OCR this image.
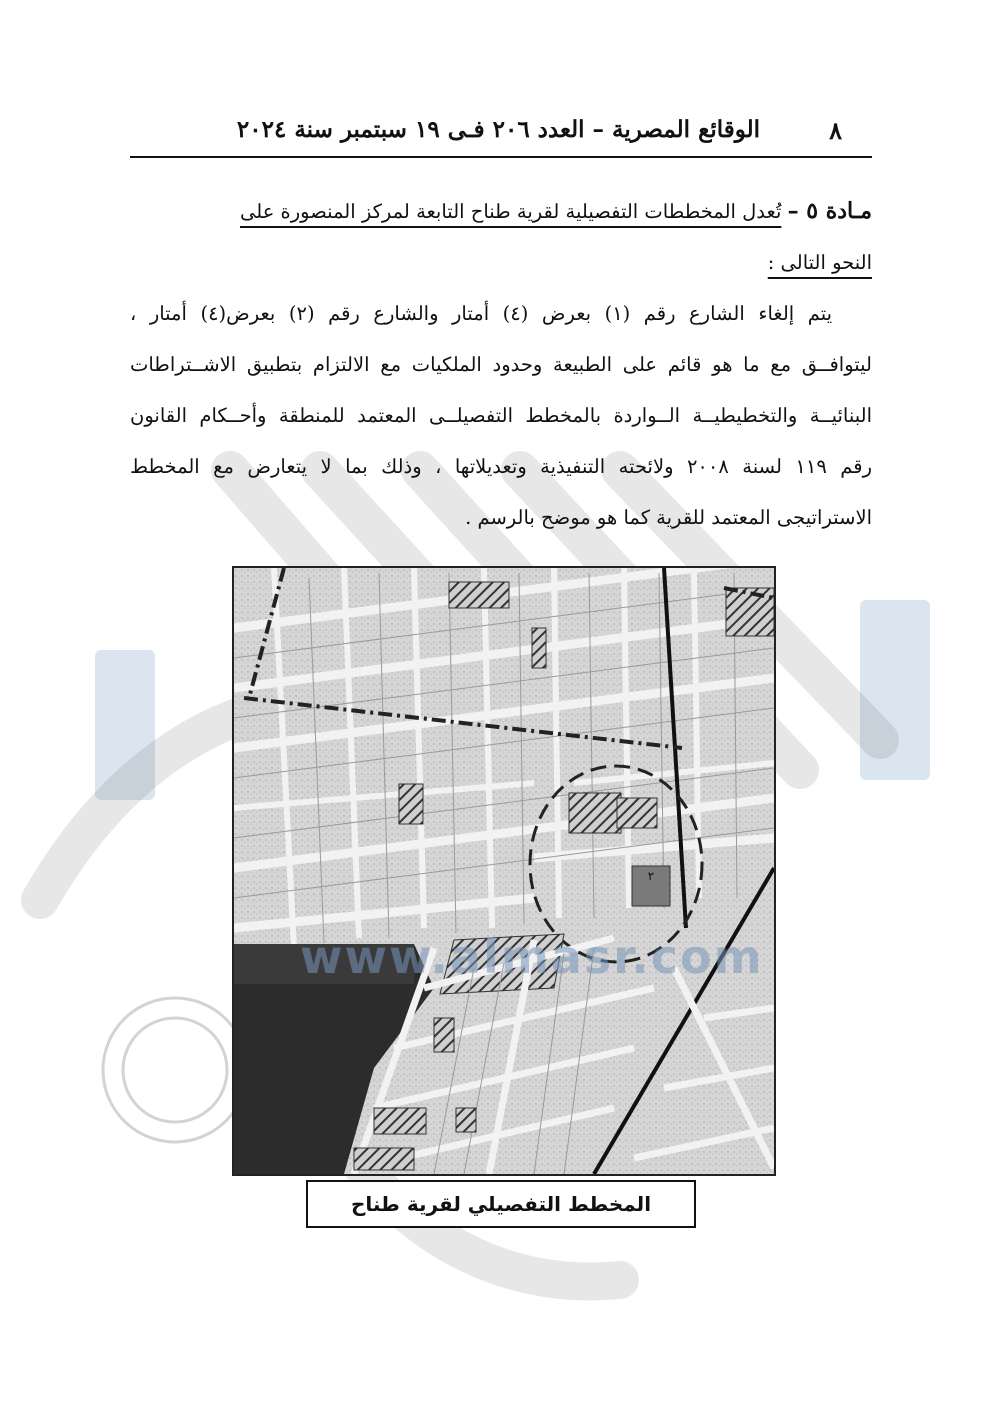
٨
الوقائع المصرية – العدد ٢٠٦ فـى ١٩ سبتمبر سنة ٢٠٢٤
مـادة ٥ – تُعدل المخططات التفصيلية لقرية طناح التابعة لمركز المنصورة على
النحو التالى :

يتم إلغاء الشارع رقم (١) بعرض (٤) أمتار والشارع رقم (٢) بعرض(٤) أمتار ،
ليتوافــق مع ما هو قائم على الطبيعة وحدود الملكيات مع الالتزام بتطبيق الاشــتراطات
البنائيــة والتخطيطيــة الــواردة بالمخطط التفصيلــى المعتمد للمنطقة وأحــكام القانون
رقم ١١٩ لسنة ٢٠٠٨ ولائحته التنفيذية وتعديلاتها ، وذلك بما لا يتعارض مع المخطط
الاستراتيجى المعتمد للقرية كما هو موضح بالرسم .

٢
www.almasr.com
المخطط التفصيلي لقرية طناح
